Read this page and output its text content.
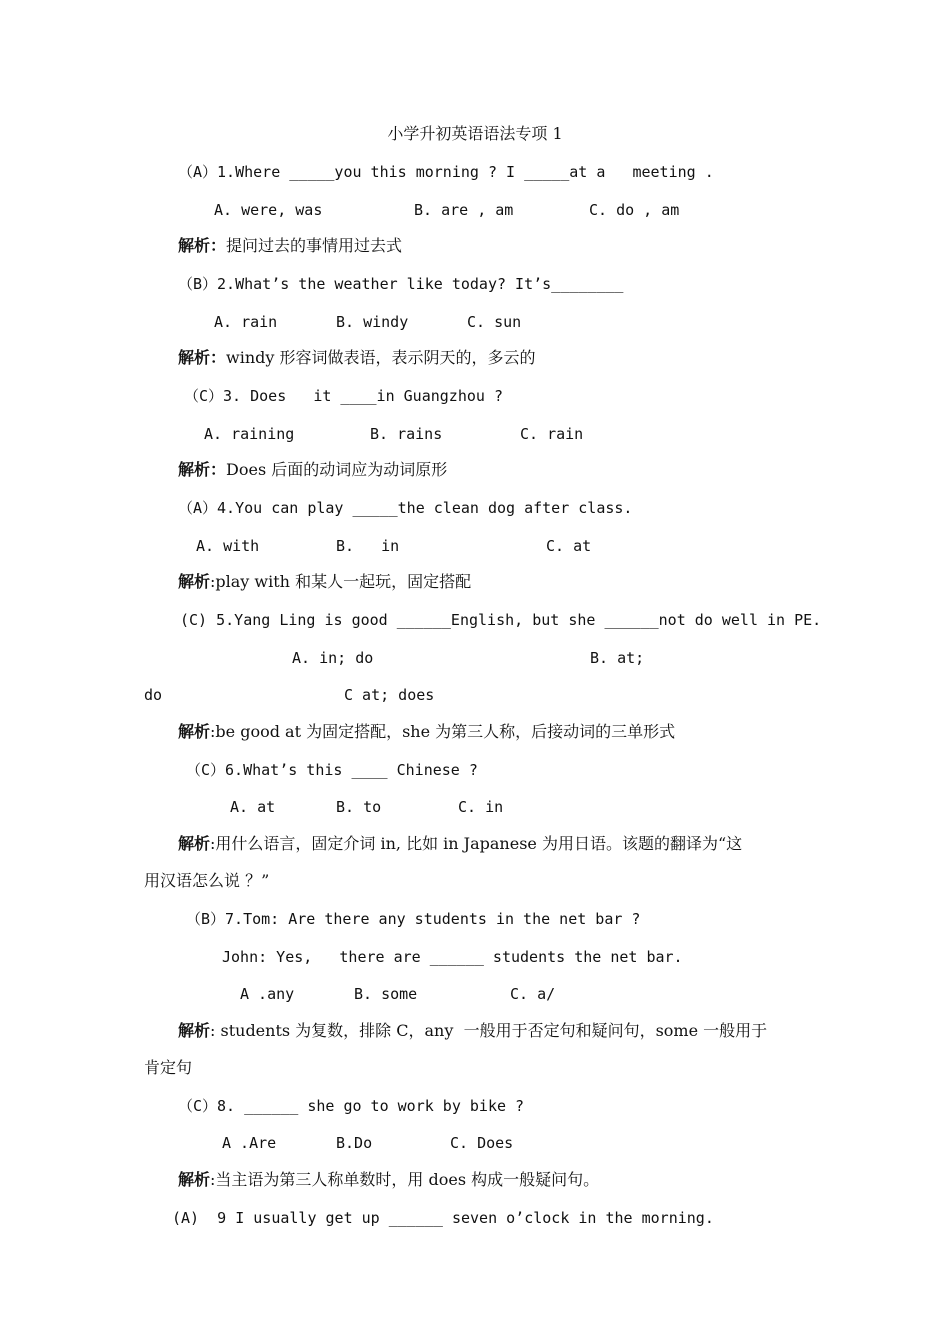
小学升初英语语法专项 1
（A）1.Where _____you this morning ? I _____at a   meeting .
A. were, was	B. are , am	C. do , am
解析：提问过去的事情用过去式
（B）2.What’s the weather like today? It’s________
A. rain	B. windy	C. sun
解析：windy 形容词做表语，表示阴天的，多云的
（C）3. Does   it ____in Guangzhou ?
A. raining	B. rains	C. rain
解析：Does 后面的动词应为动词原形
（A）4.You can play _____the clean dog after class.
A. with	B.   in	C. at
解析:play with 和某人一起玩，固定搭配
(C) 5.Yang Ling is good ______English, but she ______not do well in PE.
A. in; do	B. at;
do	C at; does
解析:be good at 为固定搭配，she 为第三人称，后接动词的三单形式
（C）6.What’s this ____ Chinese ?
A. at	B. to	C. in
解析:用什么语言，固定介词 in, 比如 in Japanese 为用日语。该题的翻译为“这
用汉语怎么说 ？”
（B）7.Tom: Are there any students in the net bar ?
John: Yes,   there are ______ students the net bar.
A .any	B. some	C. a/
解析: students 为复数，排除 C，any  一般用于否定句和疑问句，some 一般用于
肯定句
（C）8. ______ she go to work by bike ?
A .Are	B.Do	C. Does
解析:当主语为第三人称单数时，用 does 构成一般疑问句。
(A)  9 I usually get up ______ seven o’clock in the morning.
